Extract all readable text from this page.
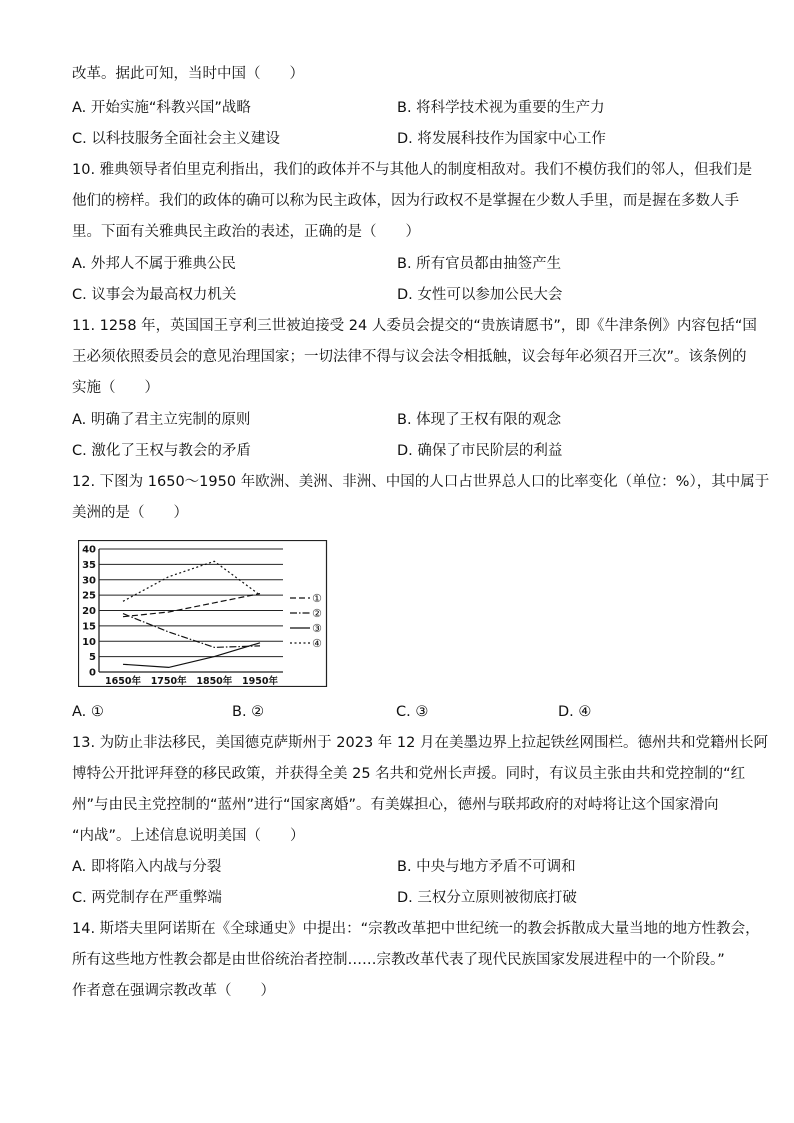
改革。据此可知，当时中国（　　）
A. 开始实施“科教兴国”战略	B. 将科学技术视为重要的生产力
C. 以科技服务全面社会主义建设	D. 将发展科技作为国家中心工作
10. 雅典领导者伯里克利指出，我们的政体并不与其他人的制度相敌对。我们不模仿我们的邻人，但我们是
他们的榜样。我们的政体的确可以称为民主政体，因为行政权不是掌握在少数人手里，而是握在多数人手
里。下面有关雅典民主政治的表述，正确的是（　　）
A. 外邦人不属于雅典公民	B. 所有官员都由抽签产生
C. 议事会为最高权力机关	D. 女性可以参加公民大会
11. 1258 年，英国国王亨利三世被迫接受 24 人委员会提交的“贵族请愿书”，即《牛津条例》内容包括“国
王必须依照委员会的意见治理国家；一切法律不得与议会法令相抵触，议会每年必须召开三次”。该条例的
实施（　　）
A. 明确了君主立宪制的原则	B. 体现了王权有限的观念
C. 激化了王权与教会的矛盾	D. 确保了市民阶层的利益
12. 下图为 1650～1950 年欧洲、美洲、非洲、中国的人口占世界总人口的比率变化（单位：%），其中属于
美洲的是（　　）
0
5
10
15
20
25
30
35
40
1650年 1750年 1850年 1950年
①
②
③
④
A. ①	B. ②	C. ③	D. ④
13. 为防止非法移民，美国德克萨斯州于 2023 年 12 月在美墨边界上拉起铁丝网围栏。德州共和党籍州长阿
博特公开批评拜登的移民政策，并获得全美 25 名共和党州长声援。同时，有议员主张由共和党控制的“红
州”与由民主党控制的“蓝州”进行“国家离婚”。有美媒担心，德州与联邦政府的对峙将让这个国家滑向
“内战”。上述信息说明美国（　　）
A. 即将陷入内战与分裂	B. 中央与地方矛盾不可调和
C. 两党制存在严重弊端	D. 三权分立原则被彻底打破
14. 斯塔夫里阿诺斯在《全球通史》中提出：“宗教改革把中世纪统一的教会拆散成大量当地的地方性教会，
所有这些地方性教会都是由世俗统治者控制……宗教改革代表了现代民族国家发展进程中的一个阶段。”
作者意在强调宗教改革（　　）
